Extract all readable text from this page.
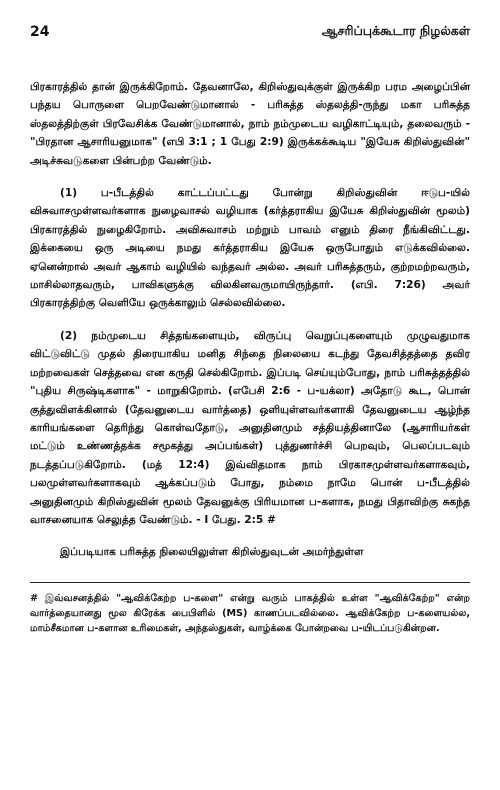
24	ஆசரிப்புக்கூடார நிழல்கள்

பிரகாரத்தில் தான் இருக்கிறோம். தேவனாலே, கிறிஸ்துவுக்குள் இருக்கிற பரம அழைப்பின் பந்தய பொருளை பெறவேண்டுமானால் - பரிசுத்த ஸ்தலத்தி-ருந்து மகா பரிசுத்த ஸ்தலத்திற்குள் பிரவேசிக்க வேண்டுமானால், நாம் நம்முடைய வழிகாட்டியும், தலைவரும் - "பிரதான ஆசாரியனுமாக" (எபி 3:1 ; 1 பேது 2:9) இருக்கக்கூடிய "இயேசு கிறிஸ்துவின்" அடிச்சுவடுகளை பின்பற்ற வேண்டும்.

(1) ப-பீடத்தில் காட்டப்பட்டது போன்று கிறிஸ்துவின் ஈடுப-யில் விசுவாசமுள்ளவர்களாக நுழைவாசல் வழியாக (கர்த்தராகிய இயேசு கிறிஸ்துவின் மூலம்) பிரகாரத்தில் நுழைகிறோம். அவிசுவாசம் மற்றும் பாவம் எனும் திரை நீங்கிவிட்டது. இக்கையை ஒரு அடியை நமது கர்த்தராகிய இயேசு ஒருபோதும் எடுக்கவில்லை. ஏனென்றால் அவர் ஆகாம் வழியில் வந்தவர் அல்ல. அவர் பரிசுத்தரும், குற்றமற்றவரும், மாசில்லாதவரும், பாவிகளுக்கு விலகினவருமாயிருந்தார். (எபி. 7:26) அவர் பிரகாரத்திற்கு வெளியே ஒருக்காலும் செல்லவில்லை.

(2) நம்முடைய சித்தங்களையும், விருப்பு வெறுப்புகளையும் முழுவதுமாக விட்டுவிட்டு முதல் திரையாகிய மனித சிந்தை நிலையை கடந்து தேவசித்தத்தை தவிர மற்றவைகள் செத்தவை என கருதி செல்கிறோம். இப்படி செய்யும்போது, நாம் பரிசுத்தத்தில் "புதிய சிருஷ்டிகளாக" - மாறுகிறோம். (எபேசி 2:6 - ப-யக்லா) அதோடு கூட, பொன் குத்துவிளக்கினால் (தேவனுடைய வார்த்தை) ஒளியுள்ளவர்களாகி தேவனுடைய ஆழ்ந்த காரியங்களை தெரிந்து கொள்வதோடு, அனுதினமும் சத்தியத்தினாலே (ஆசாரியர்கள் மட்டும் உண்ணத்தக்க சமூகத்து அப்பங்கள்) புத்துணர்ச்சி பெறவும், பெலப்படவும் நடத்தப்படுகிறோம். (மத் 12:4) இவ்விதமாக நாம் பிரகாசமுள்ளவர்களாகவும், பலமுள்ளவர்களாகவும் ஆக்கப்படும் போது, நம்மை நாமே பொன் ப-பீடத்தில் அனுதினமும் கிறிஸ்துவின் மூலம் தேவனுக்கு பிரியமான ப-களாக, நமது பிதாவிற்கு சுகந்த வாசனையாக செலுத்த வேண்டும். - I பேது. 2:5 #

இப்படியாக பரிசுத்த நிலையிலுள்ள கிறிஸ்துவுடன் அமர்ந்துள்ள

# இவ்வசனத்தில் "ஆவிக்கேற்ற ப-களை" என்று வரும் பாகத்தில் உள்ள "ஆவிக்கேற்ற" என்ற வார்த்தையானது மூல கிரேக்க பைபிளில் (MS) காணப்படவில்லை. ஆவிக்கேற்ற ப-களையல்ல, மாம்சீகமான ப-களான உரிமைகள், அந்தஸ்துகள், வாழ்க்கை போன்றவை ப-யிடப்படுகின்றன.
